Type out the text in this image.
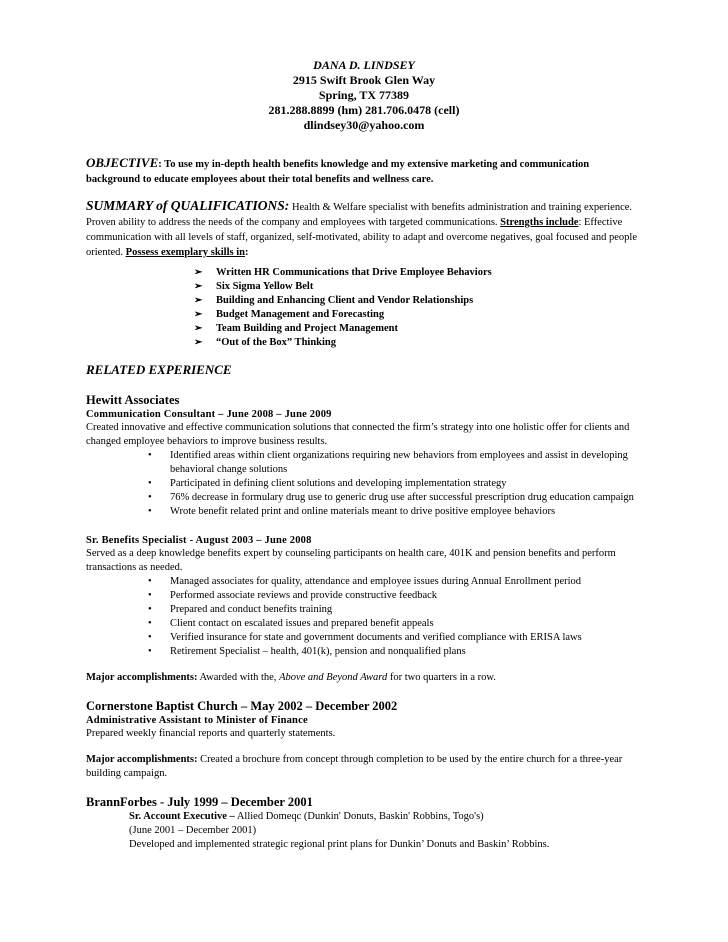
DANA D. LINDSEY
2915 Swift Brook Glen Way
Spring, TX 77389
281.288.8899 (hm) 281.706.0478 (cell)
dlindsey30@yahoo.com
OBJECTIVE: To use my in-depth health benefits knowledge and my extensive marketing and communication background to educate employees about their total benefits and wellness care.
SUMMARY of QUALIFICATIONS: Health & Welfare specialist with benefits administration and training experience. Proven ability to address the needs of the company and employees with targeted communications. Strengths include: Effective communication with all levels of staff, organized, self-motivated, ability to adapt and overcome negatives, goal focused and people oriented. Possess exemplary skills in:
➢ Written HR Communications that Drive Employee Behaviors
➢ Six Sigma Yellow Belt
➢ Building and Enhancing Client and Vendor Relationships
➢ Budget Management and Forecasting
➢ Team Building and Project Management
➢ “Out of the Box” Thinking
RELATED EXPERIENCE
Hewitt Associates
Communication Consultant – June 2008 – June 2009
Created innovative and effective communication solutions that connected the firm’s strategy into one holistic offer for clients and changed employee behaviors to improve business results.
• Identified areas within client organizations requiring new behaviors from employees and assist in developing behavioral change solutions
• Participated in defining client solutions and developing implementation strategy
• 76% decrease in formulary drug use to generic drug use after successful prescription drug education campaign
• Wrote benefit related print and online materials meant to drive positive employee behaviors
Sr. Benefits Specialist - August 2003 – June 2008
Served as a deep knowledge benefits expert by counseling participants on health care, 401K and pension benefits and perform transactions as needed.
• Managed associates for quality, attendance and employee issues during Annual Enrollment period
• Performed associate reviews and provide constructive feedback
• Prepared and conduct benefits training
• Client contact on escalated issues and prepared benefit appeals
• Verified insurance for state and government documents and verified compliance with ERISA laws
• Retirement Specialist – health, 401(k), pension and nonqualified plans
Major accomplishments: Awarded with the, Above and Beyond Award for two quarters in a row.
Cornerstone Baptist Church – May 2002 – December 2002
Administrative Assistant to Minister of Finance
Prepared weekly financial reports and quarterly statements.
Major accomplishments: Created a brochure from concept through completion to be used by the entire church for a three-year building campaign.
BrannForbes - July 1999 – December 2001
Sr. Account Executive – Allied Domeqc (Dunkin' Donuts, Baskin' Robbins, Togo's)
(June 2001 – December 2001)
Developed and implemented strategic regional print plans for Dunkin’ Donuts and Baskin’ Robbins.
